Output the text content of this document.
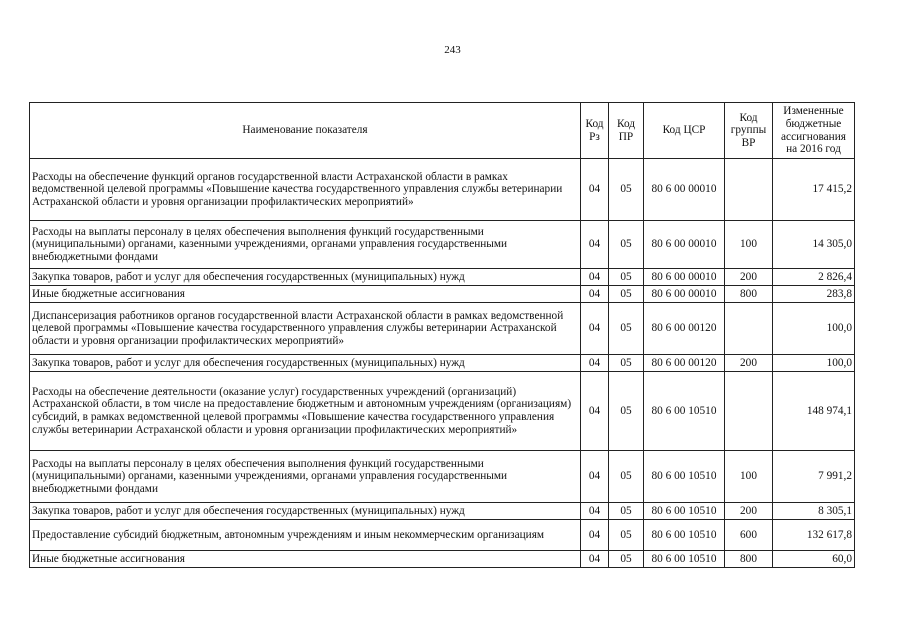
243
Наименование показателя	Код Рз	Код ПР	Код ЦСР	Код группы ВР	Измененные бюджетные ассигнования на 2016 год
Расходы на обеспечение функций органов государственной власти Астраханской области в рамках ведомственной целевой программы «Повышение качества государственного управления службы ветеринарии Астраханской области и уровня организации профилактических мероприятий»	04	05	80 6 00 00010		17 415,2
Расходы на выплаты персоналу в целях обеспечения выполнения функций государственными (муниципальными) органами, казенными учреждениями, органами управления государственными внебюджетными фондами	04	05	80 6 00 00010	100	14 305,0
Закупка товаров, работ и услуг для обеспечения государственных (муниципальных) нужд	04	05	80 6 00 00010	200	2 826,4
Иные бюджетные ассигнования	04	05	80 6 00 00010	800	283,8
Диспансеризация работников органов государственной власти Астраханской области в рамках ведомственной целевой программы «Повышение качества государственного управления службы ветеринарии Астраханской области и уровня организации профилактических мероприятий»	04	05	80 6 00 00120		100,0
Закупка товаров, работ и услуг для обеспечения государственных (муниципальных) нужд	04	05	80 6 00 00120	200	100,0
Расходы на обеспечение деятельности (оказание услуг) государственных учреждений (организаций) Астраханской области, в том числе на предоставление бюджетным и автономным учреждениям (организациям) субсидий, в рамках ведомственной целевой программы «Повышение качества государственного управления службы ветеринарии Астраханской области и уровня организации профилактических мероприятий»	04	05	80 6 00 10510		148 974,1
Расходы на выплаты персоналу в целях обеспечения выполнения функций государственными (муниципальными) органами, казенными учреждениями, органами управления государственными внебюджетными фондами	04	05	80 6 00 10510	100	7 991,2
Закупка товаров, работ и услуг для обеспечения государственных (муниципальных) нужд	04	05	80 6 00 10510	200	8 305,1
Предоставление субсидий бюджетным, автономным учреждениям и иным некоммерческим организациям	04	05	80 6 00 10510	600	132 617,8
Иные бюджетные ассигнования	04	05	80 6 00 10510	800	60,0
